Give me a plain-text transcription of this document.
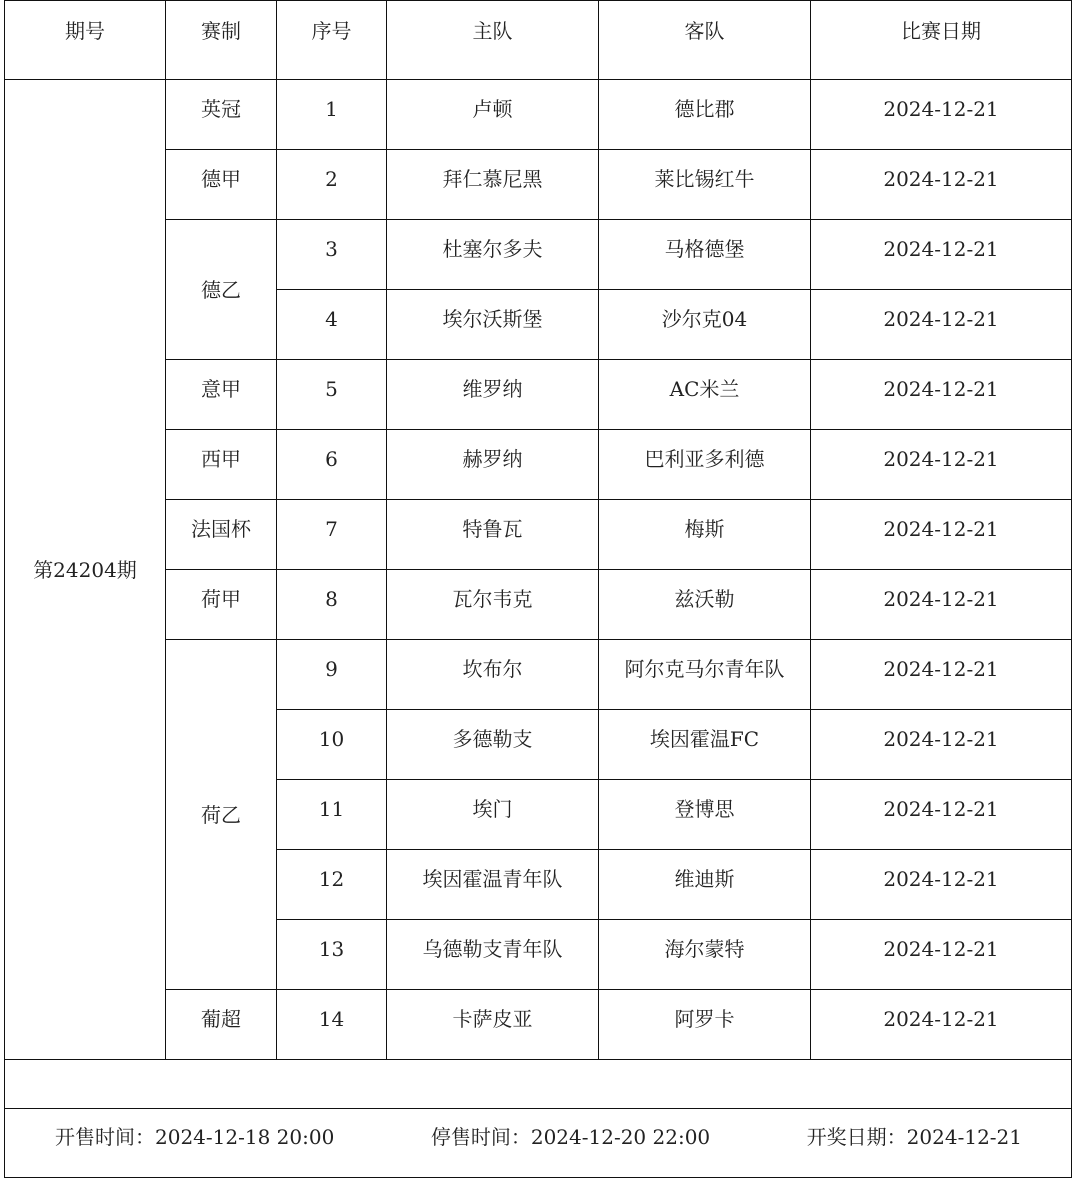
期号	赛制	序号	主队	客队	比赛日期

第24204期	英冠	1	卢顿	德比郡	2024-12-21

	德甲	2	拜仁慕尼黑	莱比锡红牛	2024-12-21

	德乙	3	杜塞尔多夫	马格德堡	2024-12-21

		4	埃尔沃斯堡	沙尔克04	2024-12-21

	意甲	5	维罗纳	AC米兰	2024-12-21

	西甲	6	赫罗纳	巴利亚多利德	2024-12-21

	法国杯	7	特鲁瓦	梅斯	2024-12-21

	荷甲	8	瓦尔韦克	兹沃勒	2024-12-21

	荷乙	9	坎布尔	阿尔克马尔青年队	2024-12-21

		10	多德勒支	埃因霍温FC	2024-12-21

		11	埃门	登博思	2024-12-21

		12	埃因霍温青年队	维迪斯	2024-12-21

		13	乌德勒支青年队	海尔蒙特	2024-12-21

	葡超	14	卡萨皮亚	阿罗卡	2024-12-21

开售时间：2024-12-18 20:00 停售时间：2024-12-20 22:00 开奖日期：2024-12-21					
